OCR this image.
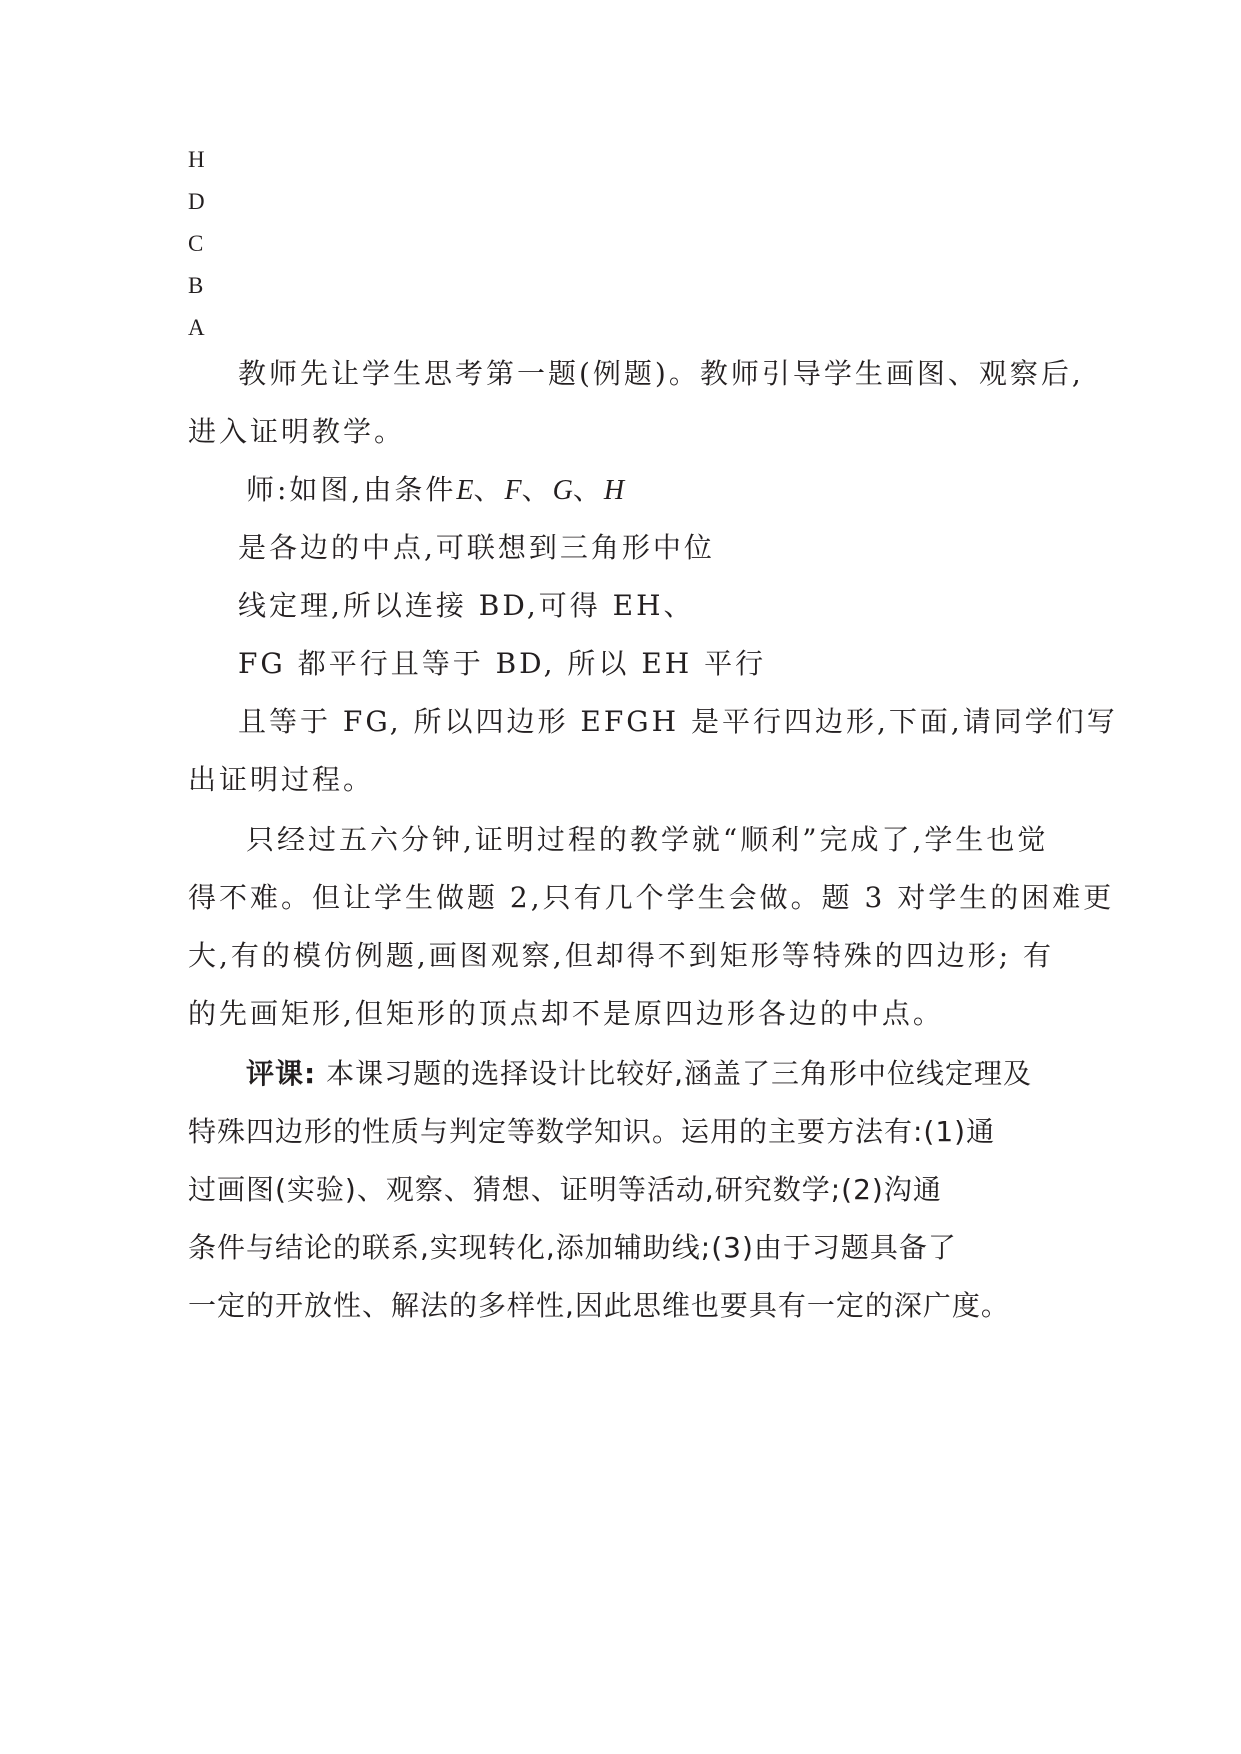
H
D
C
B
A
教师先让学生思考第一题(例题)。教师引导学生画图、观察后,
进入证明教学。
师:如图,由条件E、F、G、H
是各边的中点,可联想到三角形中位
线定理,所以连接 BD,可得 EH、
FG 都平行且等于 BD, 所以 EH 平行
且等于 FG, 所以四边形 EFGH 是平行四边形,下面,请同学们写
出证明过程。
只经过五六分钟,证明过程的教学就“顺利”完成了,学生也觉
得不难。但让学生做题 2,只有几个学生会做。题 3 对学生的困难更
大,有的模仿例题,画图观察,但却得不到矩形等特殊的四边形; 有
的先画矩形,但矩形的顶点却不是原四边形各边的中点。
评课: 本课习题的选择设计比较好,涵盖了三角形中位线定理及
特殊四边形的性质与判定等数学知识。运用的主要方法有:(1)通
过画图(实验)、观察、猜想、证明等活动,研究数学;(2)沟通
条件与结论的联系,实现转化,添加辅助线;(3)由于习题具备了
一定的开放性、解法的多样性,因此思维也要具有一定的深广度。
